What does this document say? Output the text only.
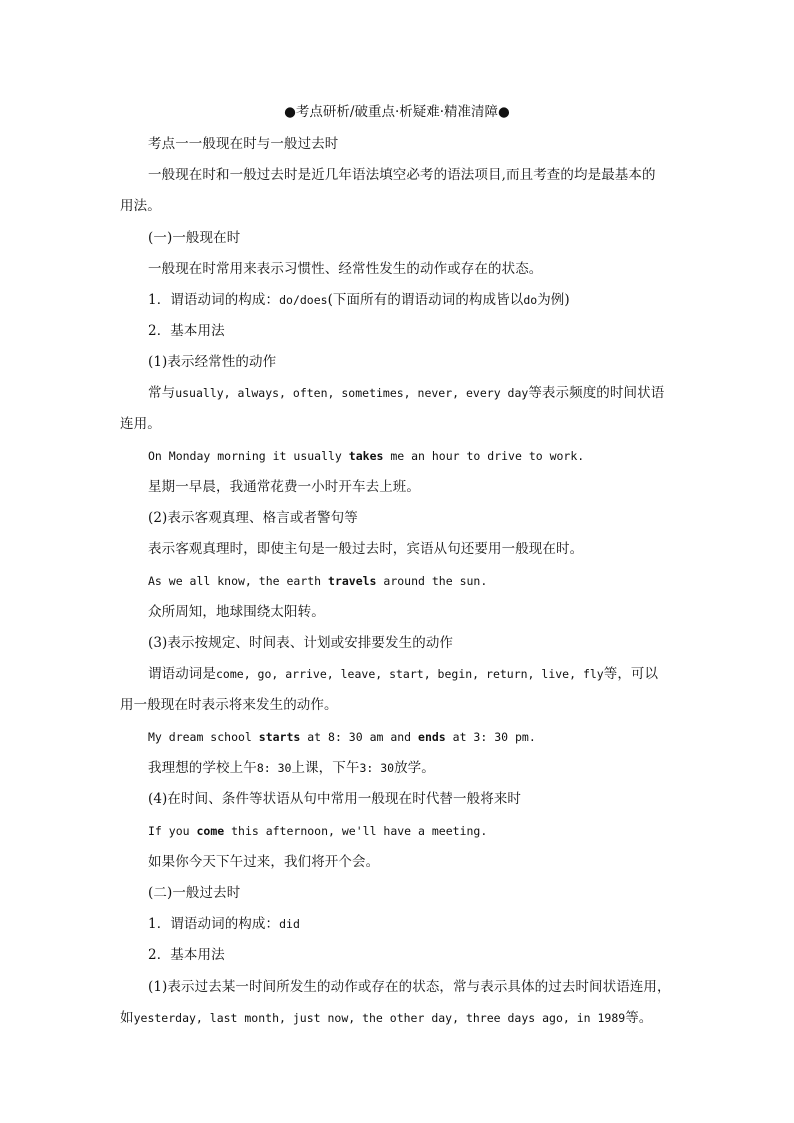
●考点研析/破重点·析疑难·精准清障●
考点一一般现在时与一般过去时
一般现在时和一般过去时是近几年语法填空必考的语法项目,而且考查的均是最基本的
用法。
(一)一般现在时
一般现在时常用来表示习惯性、经常性发生的动作或存在的状态。
1．谓语动词的构成：do/does(下面所有的谓语动词的构成皆以do为例)
2．基本用法
(1)表示经常性的动作
常与usually, always, often, sometimes, never, every day等表示频度的时间状语
连用。
On Monday morning it usually takes me an hour to drive to work.
星期一早晨，我通常花费一小时开车去上班。
(2)表示客观真理、格言或者警句等
表示客观真理时，即使主句是一般过去时，宾语从句还要用一般现在时。
As we all know, the earth travels around the sun.
众所周知，地球围绕太阳转。
(3)表示按规定、时间表、计划或安排要发生的动作
谓语动词是come, go, arrive, leave, start, begin, return, live, fly等，可以
用一般现在时表示将来发生的动作。
My dream school starts at 8: 30 am and ends at 3: 30 pm.
我理想的学校上午8: 30上课，下午3: 30放学。
(4)在时间、条件等状语从句中常用一般现在时代替一般将来时
If you come this afternoon, we'll have a meeting.
如果你今天下午过来，我们将开个会。
(二)一般过去时
1．谓语动词的构成：did
2．基本用法
(1)表示过去某一时间所发生的动作或存在的状态，常与表示具体的过去时间状语连用，
如yesterday, last month, just now, the other day, three days ago, in 1989等。
